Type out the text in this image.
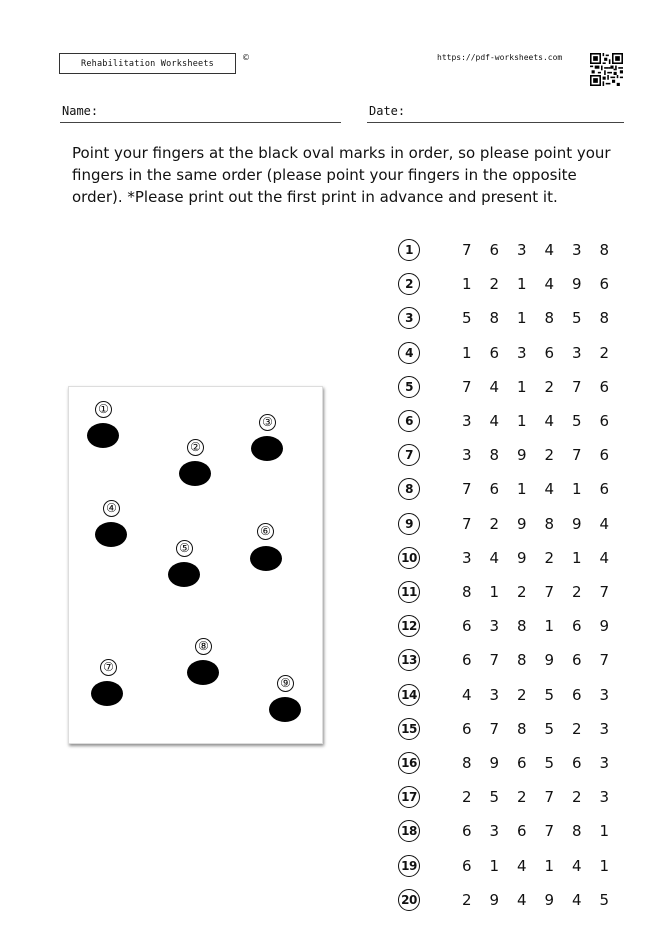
Rehabilitation Worksheets
©	https://pdf-worksheets.com
Name:	Date:
Point your fingers at the black oval marks in order, so please point your fingers in the same order (please point your fingers in the opposite order). *Please print out the first print in advance and present it.
①
②
③
④
⑤
⑥
⑦
⑧
⑨
1	7	6	3	4	3	8
2	1	2	1	4	9	6
3	5	8	1	8	5	8
4	1	6	3	6	3	2
5	7	4	1	2	7	6
6	3	4	1	4	5	6
7	3	8	9	2	7	6
8	7	6	1	4	1	6
9	7	2	9	8	9	4
10	3	4	9	2	1	4
11	8	1	2	7	2	7
12	6	3	8	1	6	9
13	6	7	8	9	6	7
14	4	3	2	5	6	3
15	6	7	8	5	2	3
16	8	9	6	5	6	3
17	2	5	2	7	2	3
18	6	3	6	7	8	1
19	6	1	4	1	4	1
20	2	9	4	9	4	5
